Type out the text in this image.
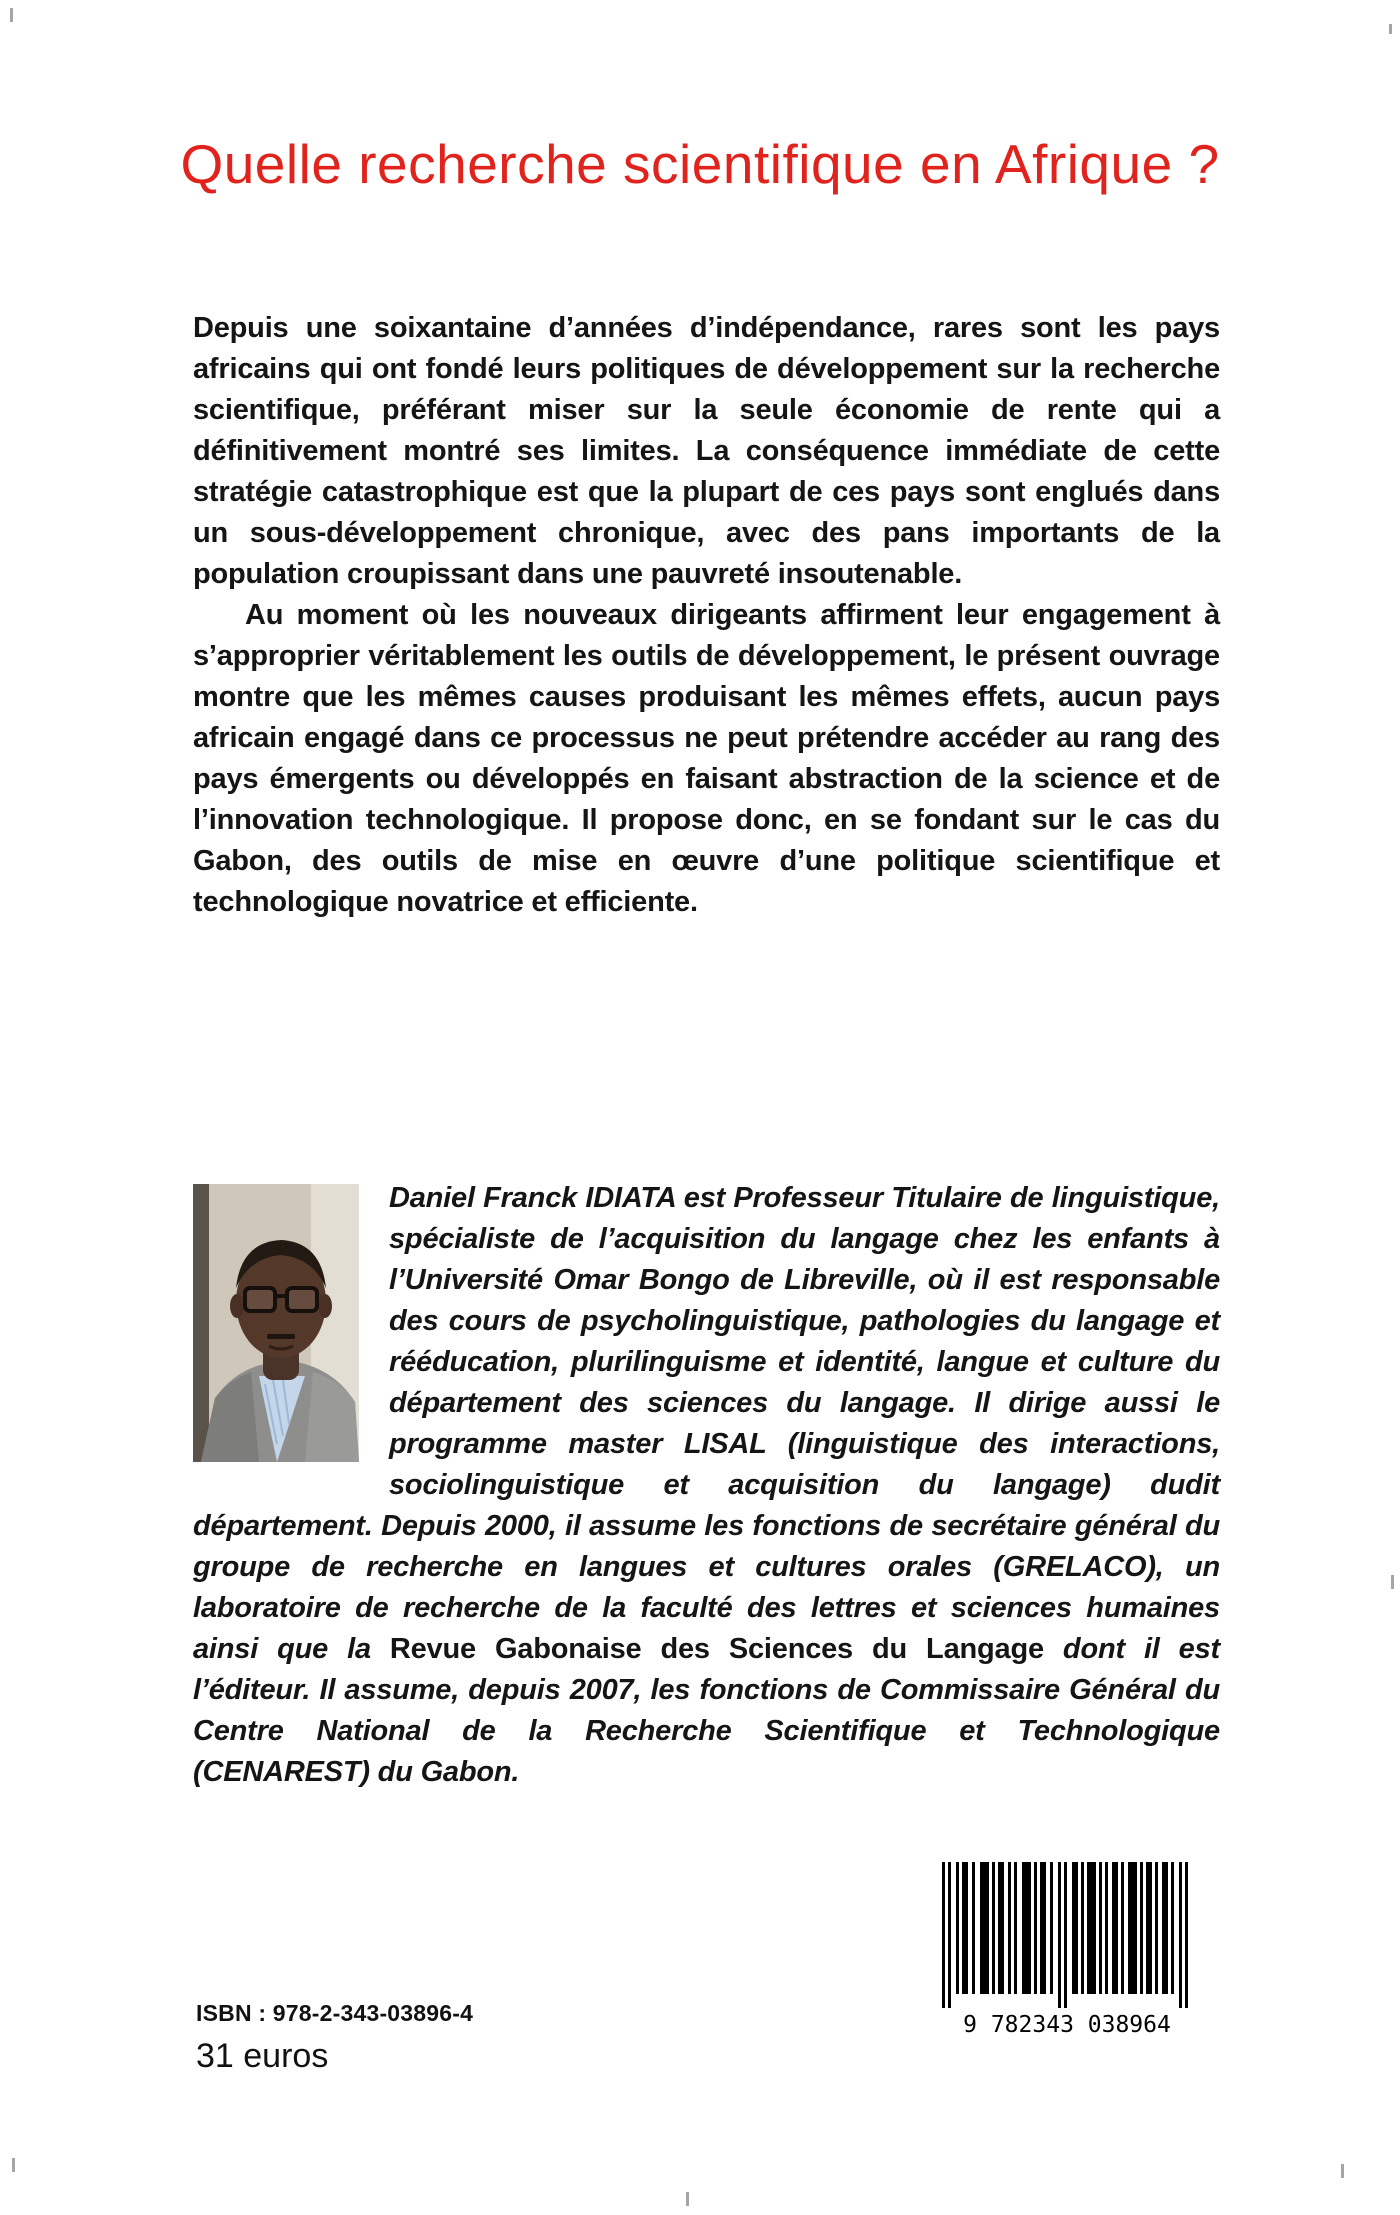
Quelle recherche scientifique en Afrique ?

Depuis une soixantaine d’années d’indépendance, rares sont les pays africains qui ont fondé leurs politiques de développement sur la recherche scientifique, préférant miser sur la seule économie de rente qui a définitivement montré ses limites. La conséquence immédiate de cette stratégie catastrophique est que la plupart de ces pays sont englués dans un sous-développement chronique, avec des pans importants de la population croupissant dans une pauvreté insoutenable.

Au moment où les nouveaux dirigeants affirment leur engagement à s’approprier véritablement les outils de développement, le présent ouvrage montre que les mêmes causes produisant les mêmes effets, aucun pays africain engagé dans ce processus ne peut prétendre accéder au rang des pays émergents ou développés en faisant abstraction de la science et de l’innovation technologique. Il propose donc, en se fondant sur le cas du Gabon, des outils de mise en œuvre d’une politique scientifique et technologique novatrice et efficiente.

Daniel Franck IDIATA est Professeur Titulaire de linguistique, spécialiste de l’acquisition du langage chez les enfants à l’Université Omar Bongo de Libreville, où il est responsable des cours de psycholinguistique, pathologies du langage et rééducation, plurilinguisme et identité, langue et culture du département des sciences du langage. Il dirige aussi le programme master LISAL (linguistique des interactions, sociolinguistique et acquisition du langage) dudit département. Depuis 2000, il assume les fonctions de secrétaire général du groupe de recherche en langues et cultures orales (GRELACO), un laboratoire de recherche de la faculté des lettres et sciences humaines ainsi que la Revue Gabonaise des Sciences du Langage dont il est l’éditeur. Il assume, depuis 2007, les fonctions de Commissaire Général du Centre National de la Recherche Scientifique et Technologique (CENAREST) du Gabon.

ISBN : 978-2-343-03896-4
31 euros
9 782343 038964
